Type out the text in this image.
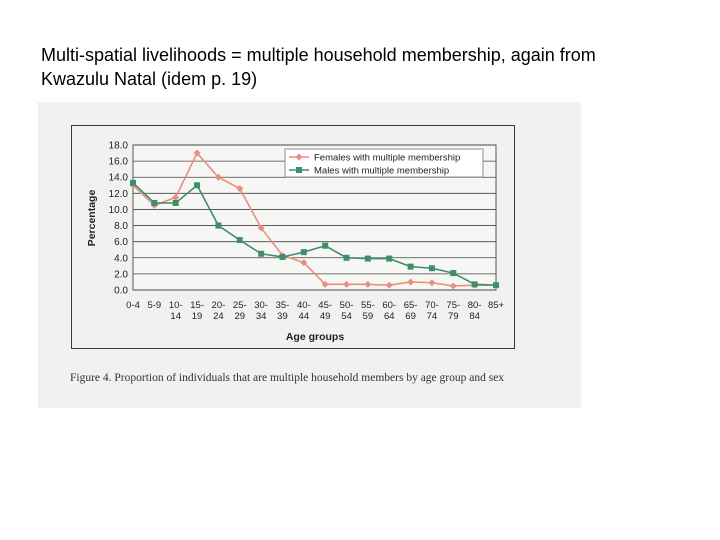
Multi-spatial livelihoods = multiple household membership, again from
Kwazulu Natal (idem p. 19)
0.0
2.0
4.0
6.0
8.0
10.0
12.0
14.0
16.0
18.0
0-4 5-9 10-
14
15-
19
20-
24
25-
29
30-
34
35-
39
40-
44
45-
49
50-
54
55-
59
60-
64
65-
69
70-
74
75-
79
80-
84
85+
Age groups
Percentage
Females with multiple membership
Males with multiple membership
Figure 4. Proportion of individuals that are multiple household members by age group and sex
